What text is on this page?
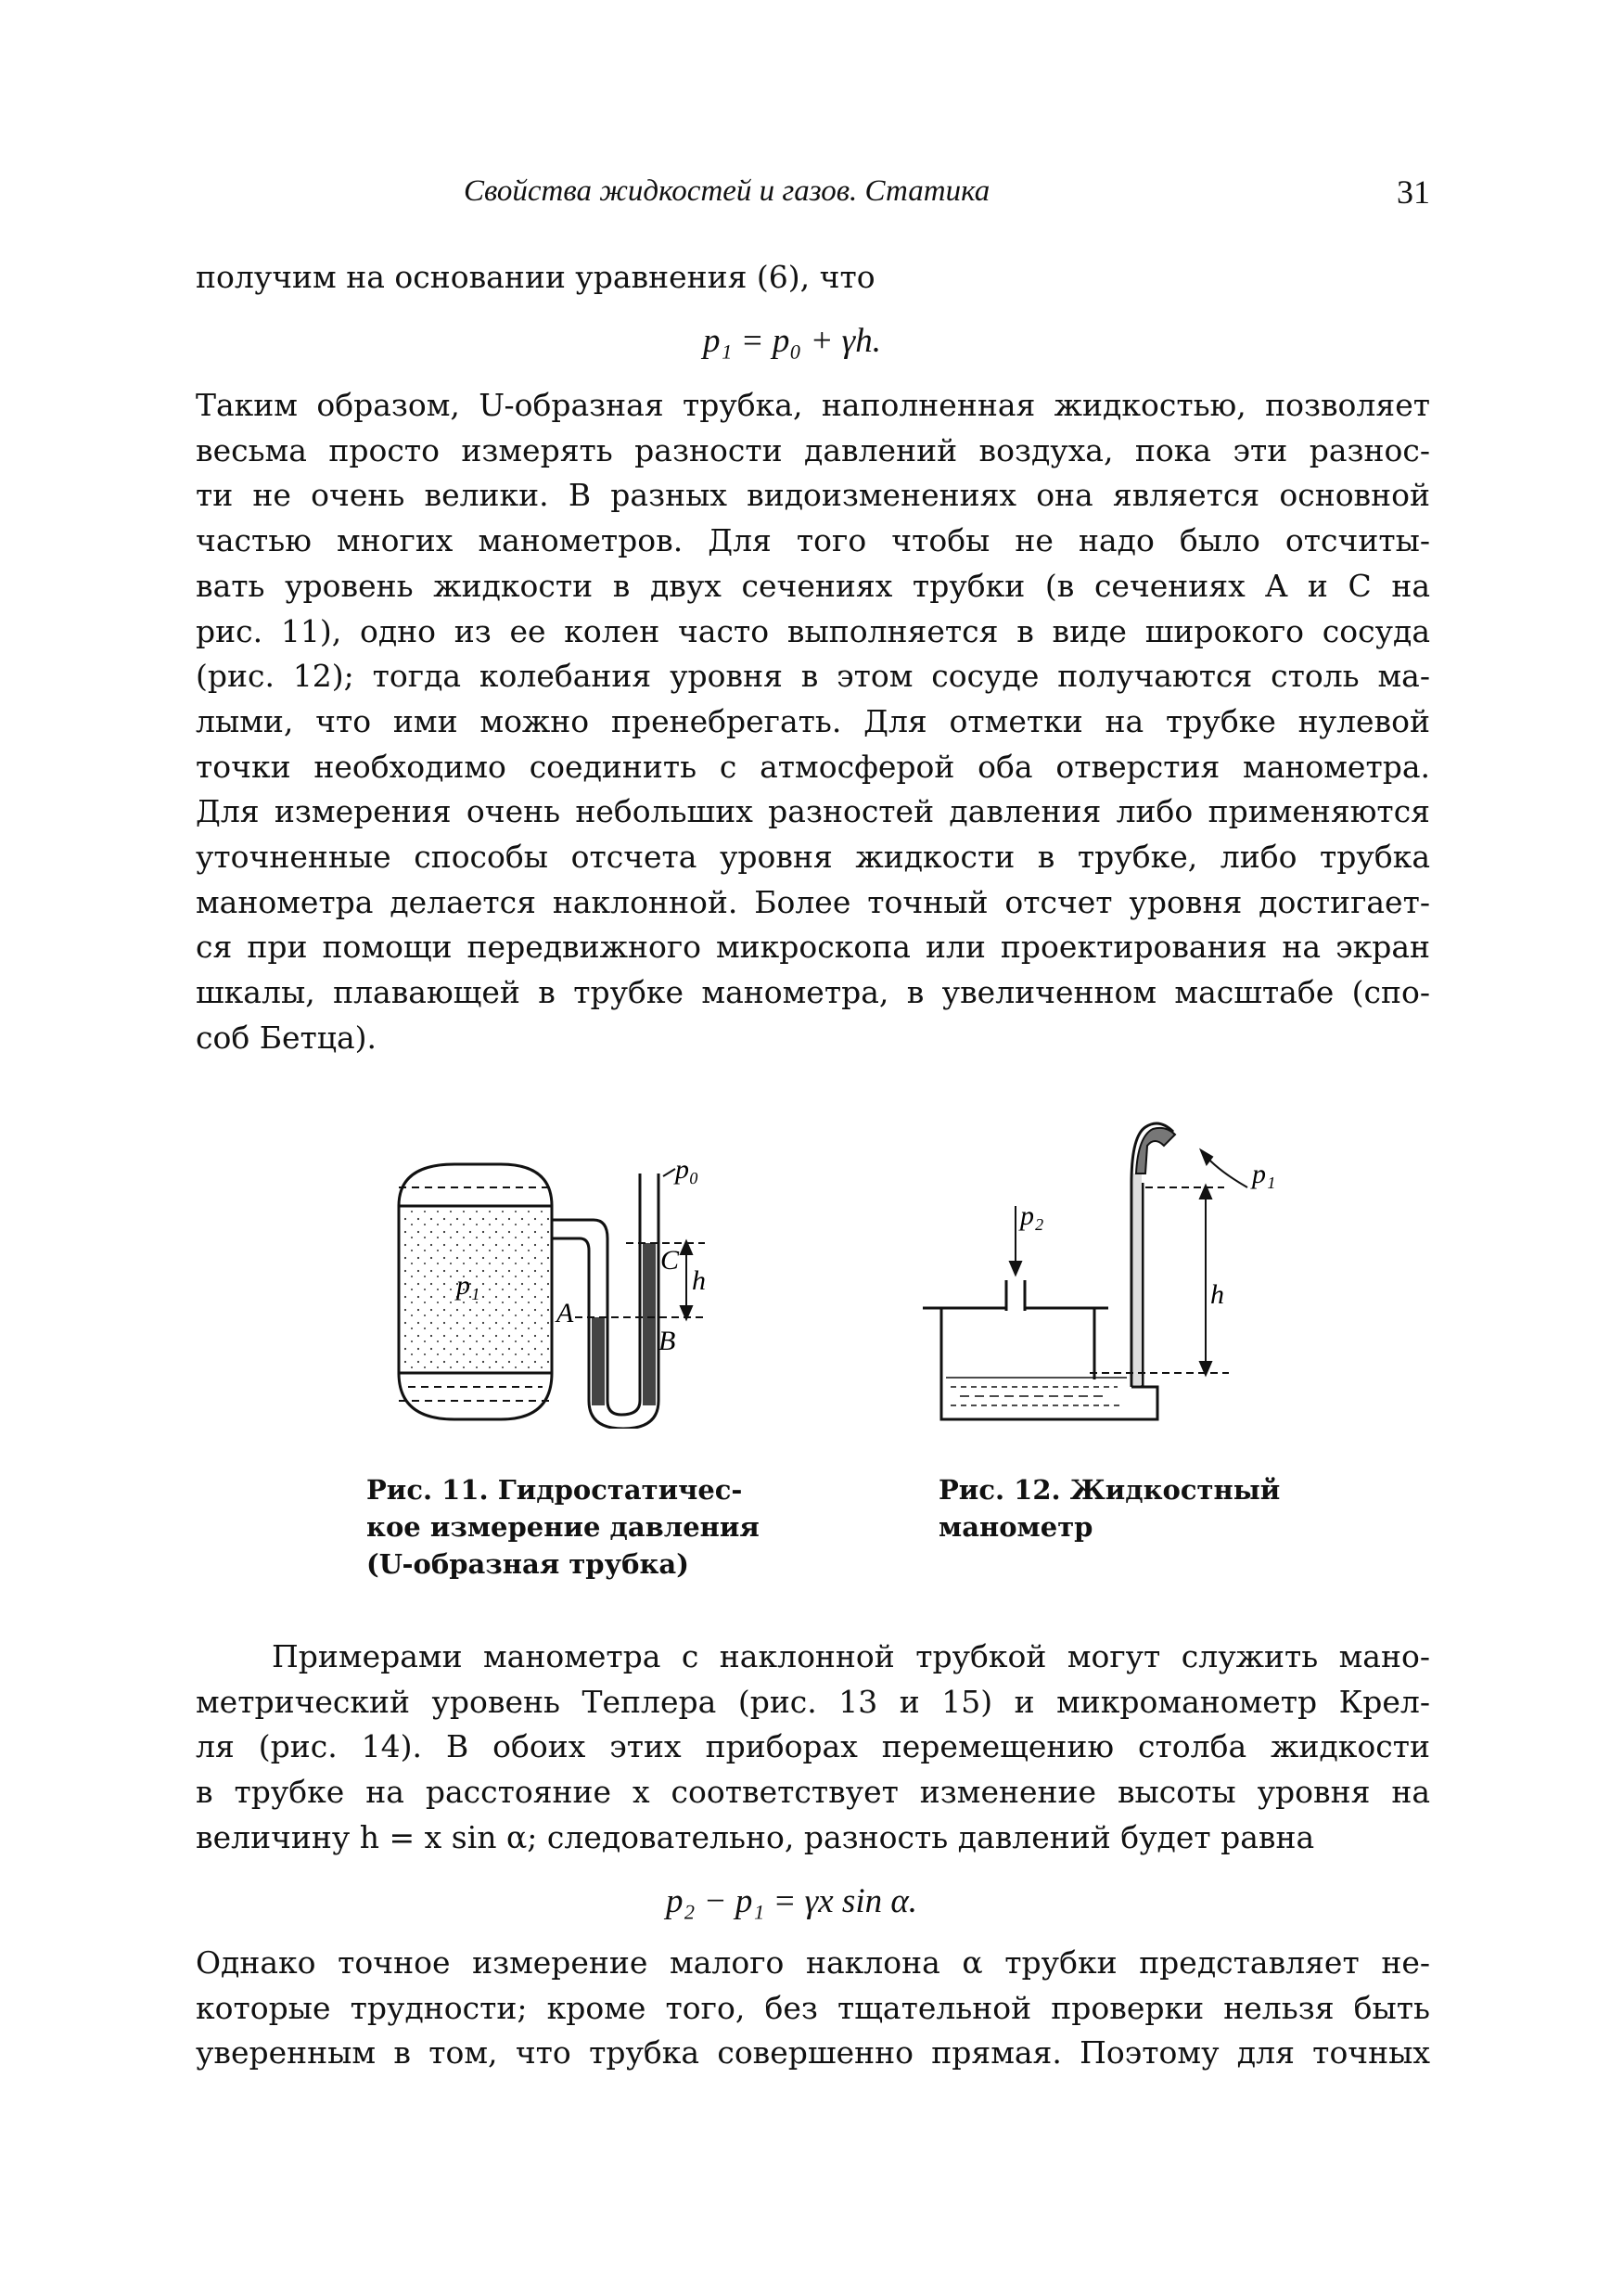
Свойства жидкостей и газов. Статика	31
получим на основании уравнения (6), что
p₁ = p₀ + γh.
Таким образом, U-образная трубка, наполненная жидкостью, позволяет
весьма просто измерять разности давлений воздуха, пока эти разнос-
ти не очень велики. В разных видоизменениях она является основной
частью многих манометров. Для того чтобы не надо было отсчиты-
вать уровень жидкости в двух сечениях трубки (в сечениях A и C на
рис. 11), одно из ее колен часто выполняется в виде широкого сосуда
(рис. 12); тогда колебания уровня в этом сосуде получаются столь ма-
лыми, что ими можно пренебрегать. Для отметки на трубке нулевой
точки необходимо соединить с атмосферой оба отверстия манометра.
Для измерения очень небольших разностей давления либо применяются
уточненные способы отсчета уровня жидкости в трубке, либо трубка
манометра делается наклонной. Более точный отсчет уровня достигает-
ся при помощи передвижного микроскопа или проектирования на экран
шкалы, плавающей в трубке манометра, в увеличенном масштабе (спо-
соб Бетца).
p₀
C
h
p₁
A
B
p₁
p₂
h
Рис. 11. Гидростатичес-
кое измерение давления
(U-образная трубка)
Рис. 12. Жидкостный
манометр
Примерами манометра с наклонной трубкой могут служить мано-
метрический уровень Теплера (рис. 13 и 15) и микроманометр Крел-
ля (рис. 14). В обоих этих приборах перемещению столба жидкости
в трубке на расстояние x соответствует изменение высоты уровня на
величину h = x sin α; следовательно, разность давлений будет равна
p₂ − p₁ = γx sin α.
Однако точное измерение малого наклона α трубки представляет не-
которые трудности; кроме того, без тщательной проверки нельзя быть
уверенным в том, что трубка совершенно прямая. Поэтому для точных
